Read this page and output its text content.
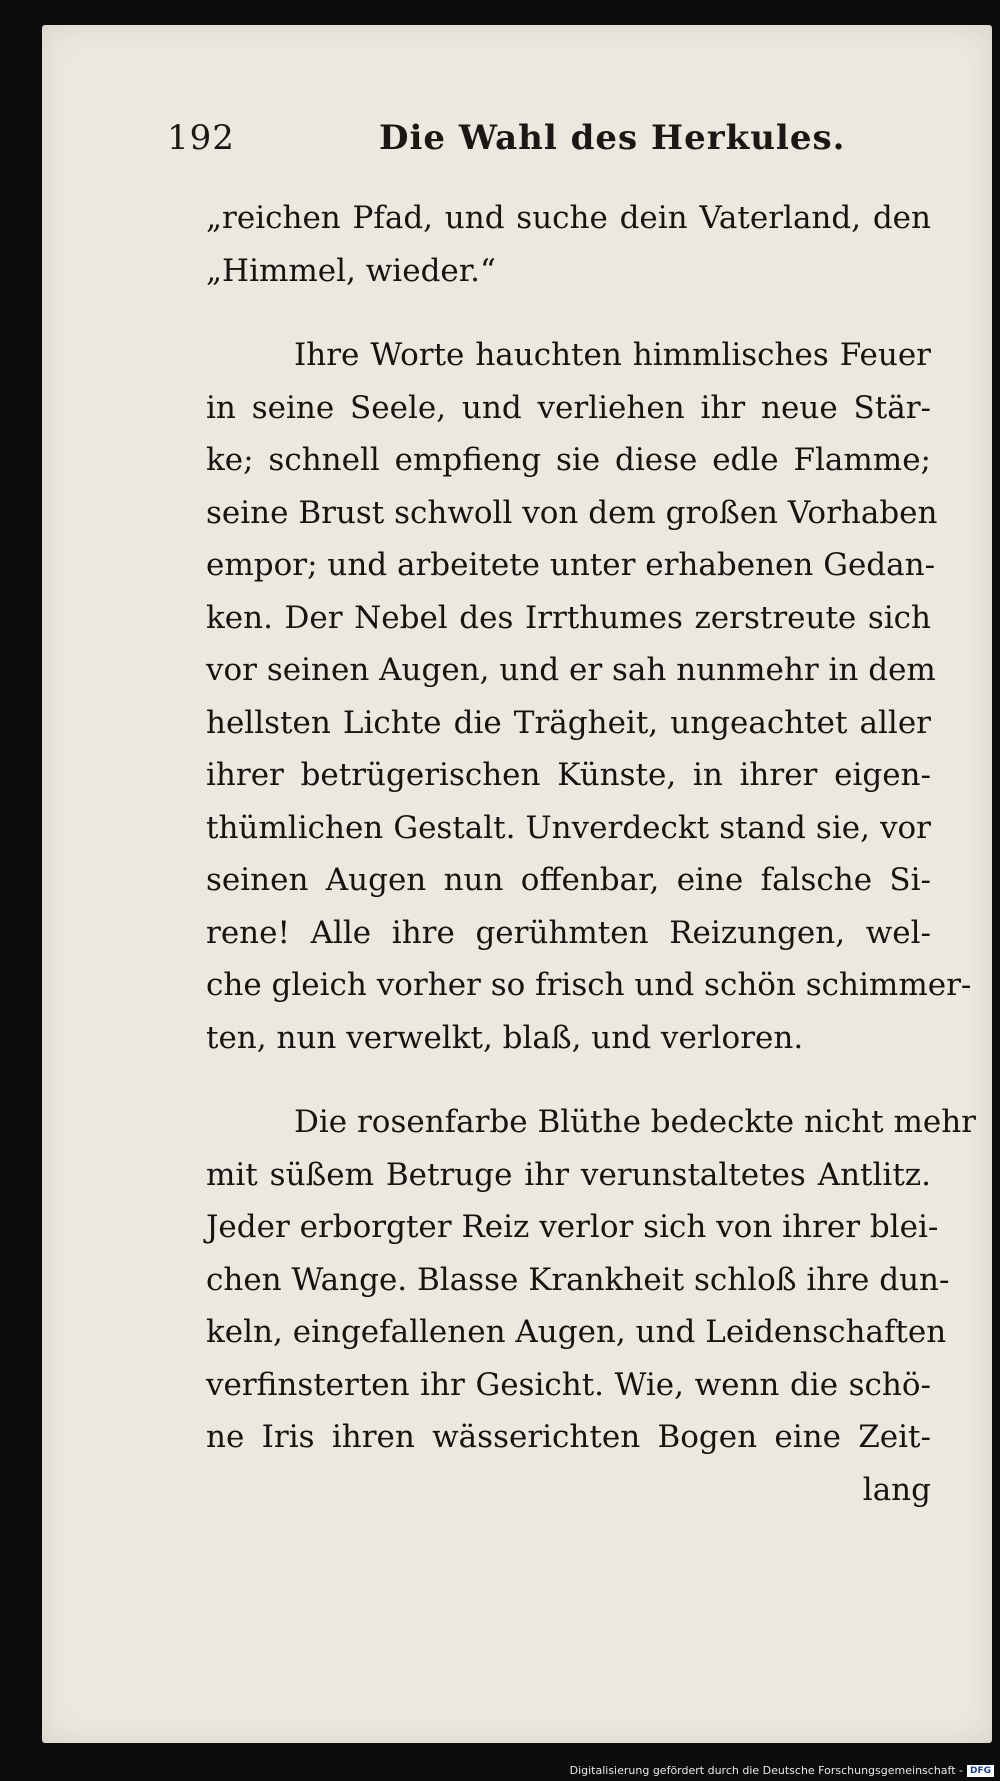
192	Die Wahl des Herkules.
„reichen Pfad, und suche dein Vaterland, den
„Himmel, wieder.“
Ihre Worte hauchten himmlisches Feuer
in seine Seele, und verliehen ihr neue Stär-
ke; schnell empfieng sie diese edle Flamme;
seine Brust schwoll von dem großen Vorhaben
empor; und arbeitete unter erhabenen Gedan-
ken. Der Nebel des Irrthumes zerstreute sich
vor seinen Augen, und er sah nunmehr in dem
hellsten Lichte die Trägheit, ungeachtet aller
ihrer betrügerischen Künste, in ihrer eigen-
thümlichen Gestalt. Unverdeckt stand sie, vor
seinen Augen nun offenbar, eine falsche Si-
rene! Alle ihre gerühmten Reizungen, wel-
che gleich vorher so frisch und schön schimmer-
ten, nun verwelkt, blaß, und verloren.
Die rosenfarbe Blüthe bedeckte nicht mehr
mit süßem Betruge ihr verunstaltetes Antlitz.
Jeder erborgter Reiz verlor sich von ihrer blei-
chen Wange. Blasse Krankheit schloß ihre dun-
keln, eingefallenen Augen, und Leidenschaften
verfinsterten ihr Gesicht. Wie, wenn die schö-
ne Iris ihren wässerichten Bogen eine Zeit-
lang
Digitalisierung gefördert durch die Deutsche Forschungsgemeinschaft - DFG
